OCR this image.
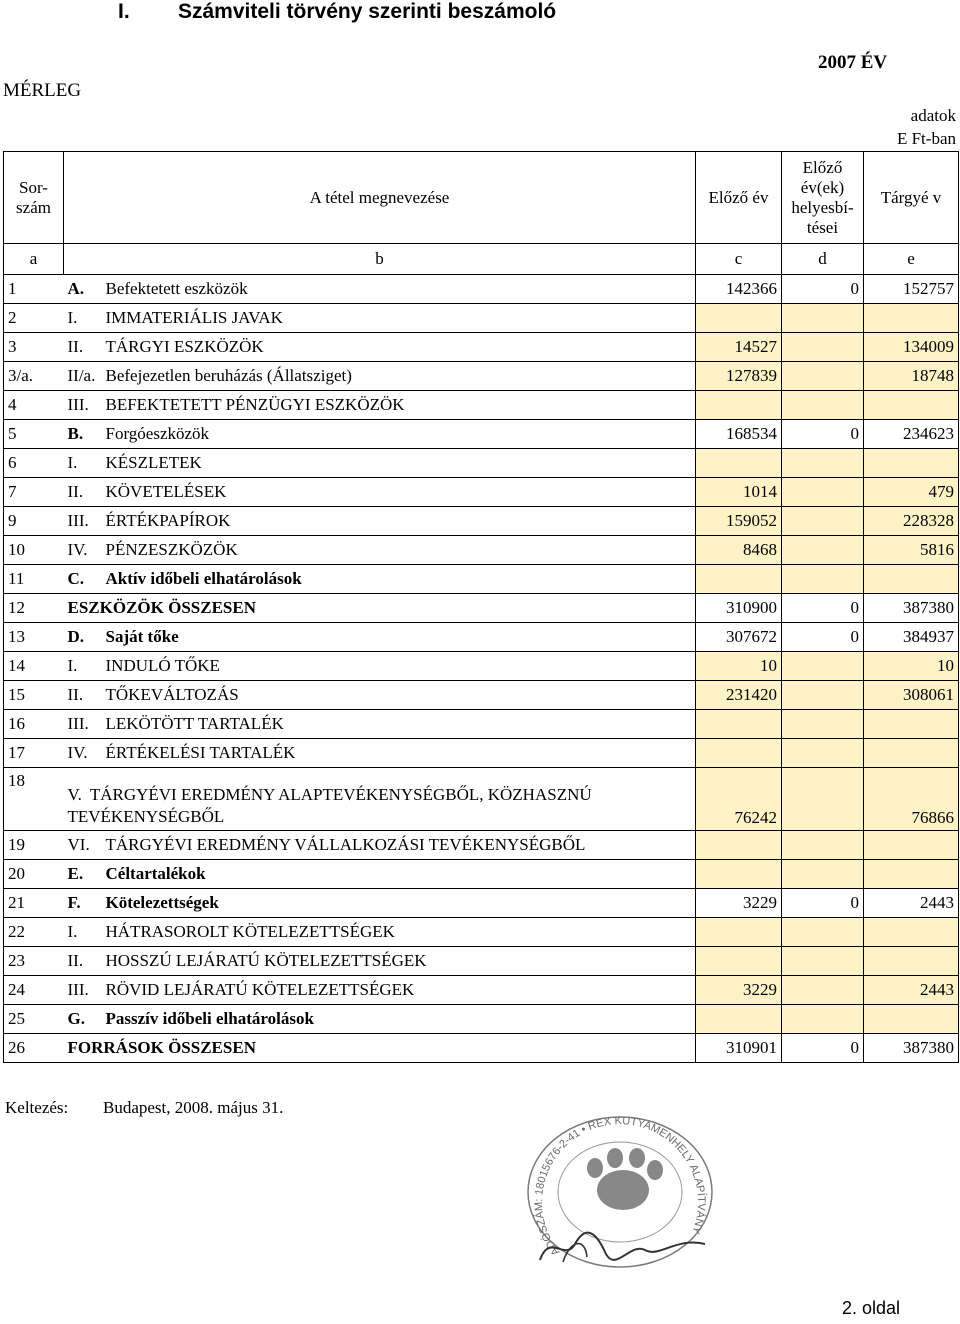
I. Számviteli törvény szerinti beszámoló
MÉRLEG
2007 ÉV
adatok
E Ft-ban
Sor-szám	A tétel megnevezése	Előző év	Előző év(ek) helyesbí-tései	Tárgyé v
a	b	c	d	e
1	A. Befektetett eszközök	142366	0	152757
2	I. IMMATERIÁLIS JAVAK			
3	II. TÁRGYI ESZKÖZÖK	14527		134009
3/a.	II/a. Befejezetlen beruházás (Állatsziget)	127839		18748
4	III. BEFEKTETETT PÉNZÜGYI ESZKÖZÖK			
5	B. Forgóeszközök	168534	0	234623
6	I. KÉSZLETEK			
7	II. KÖVETELÉSEK	1014		479
9	III. ÉRTÉKPAPÍROK	159052		228328
10	IV. PÉNZESZKÖZÖK	8468		5816
11	C. Aktív időbeli elhatárolások			
12	ESZKÖZÖK ÖSSZESEN	310900	0	387380
13	D. Saját tőke	307672	0	384937
14	I. INDULÓ TŐKE	10		10
15	II. TŐKEVÁLTOZÁS	231420		308061
16	III. LEKÖTÖTT TARTALÉK			
17	IV. ÉRTÉKELÉSI TARTALÉK			
18	V. TÁRGYÉVI EREDMÉNY ALAPTEVÉKENYSÉGBŐL, KÖZHASZNÚ TEVÉKENYSÉGBŐL	76242		76866
19	VI. TÁRGYÉVI EREDMÉNY VÁLLALKOZÁSI TEVÉKENYSÉGBŐL			
20	E. Céltartalékok			
21	F. Kötelezettségek	3229	0	2443
22	I. HÁTRASOROLT KÖTELEZETTSÉGEK			
23	II. HOSSZÚ LEJÁRATÚ KÖTELEZETTSÉGEK			
24	III. RÖVID LEJÁRATÚ KÖTELEZETTSÉGEK	3229		2443
25	G. Passzív időbeli elhatárolások			
26	FORRÁSOK ÖSSZESEN	310901	0	387380
Keltezés: Budapest, 2008. május 31.
ADÓSZÁM: 18015676-2-41 • REX KUTYAMENHELY ALAPÍTVÁNY
2. oldal
